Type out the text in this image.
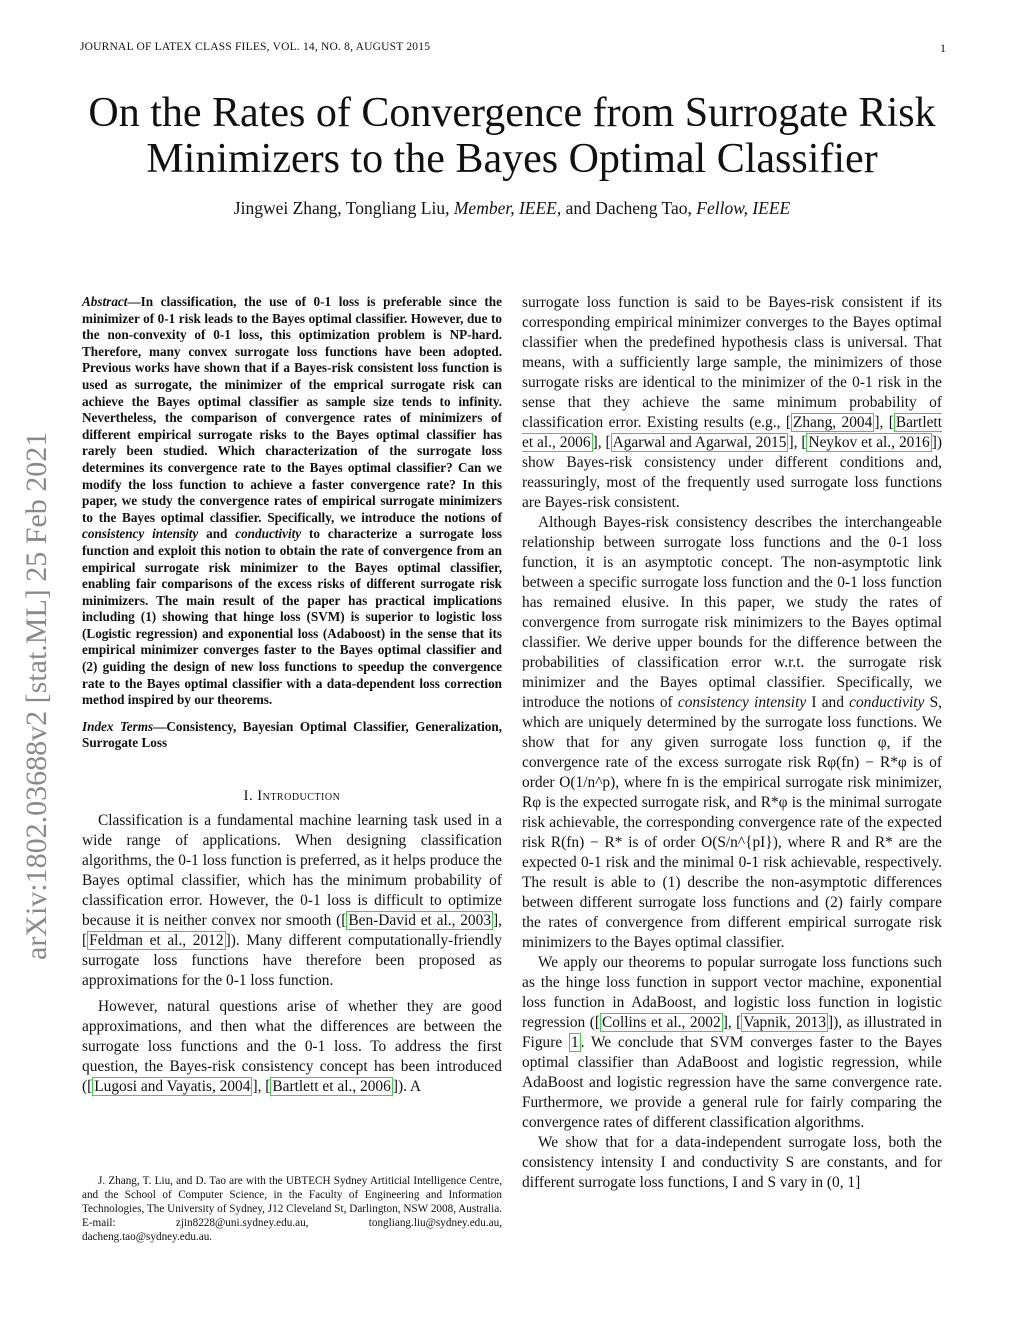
JOURNAL OF LATEX CLASS FILES, VOL. 14, NO. 8, AUGUST 2015	1
On the Rates of Convergence from Surrogate Risk Minimizers to the Bayes Optimal Classifier
Jingwei Zhang, Tongliang Liu, Member, IEEE, and Dacheng Tao, Fellow, IEEE
arXiv:1802.03688v2 [stat.ML] 25 Feb 2021
Abstract—In classification, the use of 0-1 loss is preferable since the minimizer of 0-1 risk leads to the Bayes optimal classifier. However, due to the non-convexity of 0-1 loss, this optimization problem is NP-hard. Therefore, many convex surrogate loss functions have been adopted. Previous works have shown that if a Bayes-risk consistent loss function is used as surrogate, the minimizer of the emprical surrogate risk can achieve the Bayes optimal classifier as sample size tends to infinity. Nevertheless, the comparison of convergence rates of minimizers of different empirical surrogate risks to the Bayes optimal classifier has rarely been studied. Which characterization of the surrogate loss determines its convergence rate to the Bayes optimal classifier? Can we modify the loss function to achieve a faster convergence rate? In this paper, we study the convergence rates of empirical surrogate minimizers to the Bayes optimal classifier. Specifically, we introduce the notions of consistency intensity and conductivity to characterize a surrogate loss function and exploit this notion to obtain the rate of convergence from an empirical surrogate risk minimizer to the Bayes optimal classifier, enabling fair comparisons of the excess risks of different surrogate risk minimizers. The main result of the paper has practical implications including (1) showing that hinge loss (SVM) is superior to logistic loss (Logistic regression) and exponential loss (Adaboost) in the sense that its empirical minimizer converges faster to the Bayes optimal classifier and (2) guiding the design of new loss functions to speedup the convergence rate to the Bayes optimal classifier with a data-dependent loss correction method inspired by our theorems.
Index Terms—Consistency, Bayesian Optimal Classifier, Generalization, Surrogate Loss
I. Introduction

Classification is a fundamental machine learning task used in a wide range of applications. When designing classification algorithms, the 0-1 loss function is preferred, as it helps produce the Bayes optimal classifier, which has the minimum probability of classification error. However, the 0-1 loss is difficult to optimize because it is neither convex nor smooth ([ Ben-David et al., 2003 ], [ Feldman et al., 2012 ]). Many different computationally-friendly surrogate loss functions have therefore been proposed as approximations for the 0-1 loss function.

However, natural questions arise of whether they are good approximations, and then what the differences are between the surrogate loss functions and the 0-1 loss. To address the first question, the Bayes-risk consistency concept has been introduced ([ Lugosi and Vayatis, 2004 ], [ Bartlett et al., 2006 ]). A

J. Zhang, T. Liu, and D. Tao are with the UBTECH Sydney Artiticial Intelligence Centre, and the School of Computer Science, in the Faculty of Engineering and Information Technologies, The University of Sydney, J12 Cleveland St, Darlington, NSW 2008, Australia. E-mail: zjin8228@uni.sydney.edu.au, tongliang.liu@sydney.edu.au, dacheng.tao@sydney.edu.au.

surrogate loss function is said to be Bayes-risk consistent if its corresponding empirical minimizer converges to the Bayes optimal classifier when the predefined hypothesis class is universal. That means, with a sufficiently large sample, the minimizers of those surrogate risks are identical to the minimizer of the 0-1 risk in the sense that they achieve the same minimum probability of classification error. Existing results (e.g., [ Zhang, 2004 ], [ Bartlett et al., 2006 ], [ Agarwal and Agarwal, 2015 ], [ Neykov et al., 2016 ]) show Bayes-risk consistency under different conditions and, reassuringly, most of the frequently used surrogate loss functions are Bayes-risk consistent.

Although Bayes-risk consistency describes the interchangeable relationship between surrogate loss functions and the 0-1 loss function, it is an asymptotic concept. The non-asymptotic link between a specific surrogate loss function and the 0-1 loss function has remained elusive. In this paper, we study the rates of convergence from surrogate risk minimizers to the Bayes optimal classifier. We derive upper bounds for the difference between the probabilities of classification error w.r.t. the surrogate risk minimizer and the Bayes optimal classifier. Specifically, we introduce the notions of consistency intensity I and conductivity S, which are uniquely determined by the surrogate loss functions. We show that for any given surrogate loss function φ, if the convergence rate of the excess surrogate risk Rφ(fn) − R*φ is of order O(1/n^p), where fn is the empirical surrogate risk minimizer, Rφ is the expected surrogate risk, and R*φ is the minimal surrogate risk achievable, the corresponding convergence rate of the expected risk R(fn) − R* is of order O(S/n^{pI}), where R and R* are the expected 0-1 risk and the minimal 0-1 risk achievable, respectively. The result is able to (1) describe the non-asymptotic differences between different surrogate loss functions and (2) fairly compare the rates of convergence from different empirical surrogate risk minimizers to the Bayes optimal classifier.

We apply our theorems to popular surrogate loss functions such as the hinge loss function in support vector machine, exponential loss function in AdaBoost, and logistic loss function in logistic regression ([ Collins et al., 2002 ], [ Vapnik, 2013 ]), as illustrated in Figure 1 . We conclude that SVM converges faster to the Bayes optimal classifier than AdaBoost and logistic regression, while AdaBoost and logistic regression have the same convergence rate. Furthermore, we provide a general rule for fairly comparing the convergence rates of different classification algorithms.

We show that for a data-independent surrogate loss, both the consistency intensity I and conductivity S are constants, and for different surrogate loss functions, I and S vary in (0, 1]
